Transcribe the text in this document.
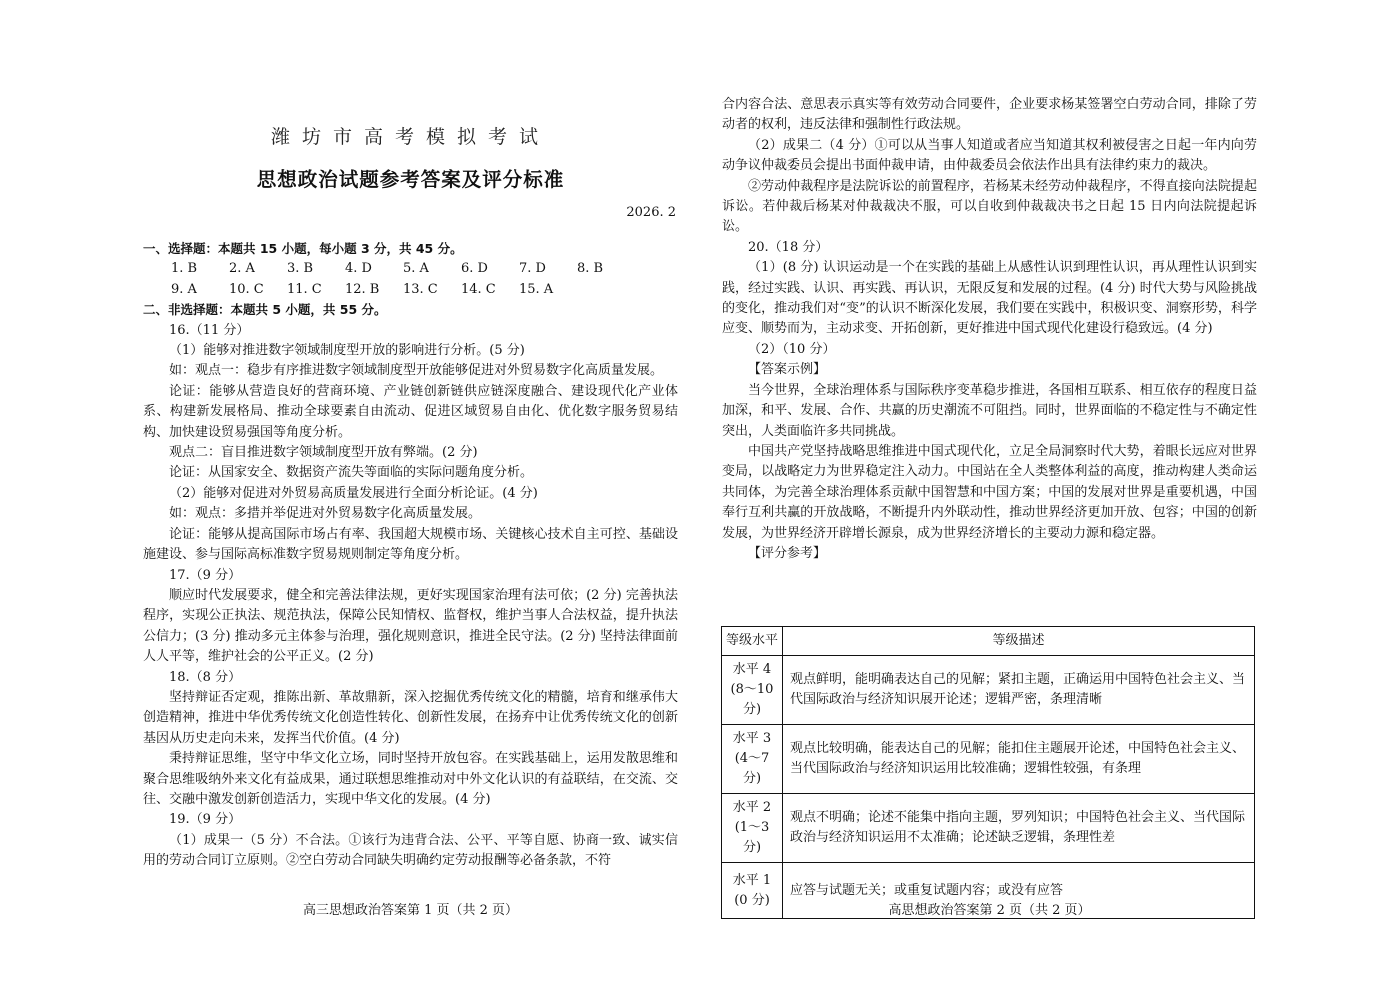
潍坊市高考模拟考试
思想政治试题参考答案及评分标准
2026. 2

一、选择题：本题共 15 小题，每小题 3 分，共 45 分。

1. B 2. A 3. B 4. D 5. A 6. D 7. D 8. B

9. A 10. C 11. C 12. B 13. C 14. C 15. A

二、非选择题：本题共 5 小题，共 55 分。

16.（11 分）

（1）能够对推进数字领域制度型开放的影响进行分析。(5 分)

如：观点一：稳步有序推进数字领域制度型开放能够促进对外贸易数字化高质量发展。

论证：能够从营造良好的营商环境、产业链创新链供应链深度融合、建设现代化产业体系、构建新发展格局、推动全球要素自由流动、促进区域贸易自由化、优化数字服务贸易结构、加快建设贸易强国等角度分析。

观点二：盲目推进数字领域制度型开放有弊端。(2 分)

论证：从国家安全、数据资产流失等面临的实际问题角度分析。

（2）能够对促进对外贸易高质量发展进行全面分析论证。(4 分)

如：观点：多措并举促进对外贸易数字化高质量发展。

论证：能够从提高国际市场占有率、我国超大规模市场、关键核心技术自主可控、基础设施建设、参与国际高标准数字贸易规则制定等角度分析。

17.（9 分）

顺应时代发展要求，健全和完善法律法规，更好实现国家治理有法可依；(2 分) 完善执法程序，实现公正执法、规范执法，保障公民知情权、监督权，维护当事人合法权益，提升执法公信力；(3 分) 推动多元主体参与治理，强化规则意识，推进全民守法。(2 分) 坚持法律面前人人平等，维护社会的公平正义。(2 分)

18.（8 分）

坚持辩证否定观，推陈出新、革故鼎新，深入挖掘优秀传统文化的精髓，培育和继承伟大创造精神，推进中华优秀传统文化创造性转化、创新性发展，在扬弃中让优秀传统文化的创新基因从历史走向未来，发挥当代价值。(4 分)

秉持辩证思维，坚守中华文化立场，同时坚持开放包容。在实践基础上，运用发散思维和聚合思维吸纳外来文化有益成果，通过联想思维推动对中外文化认识的有益联结，在交流、交往、交融中激发创新创造活力，实现中华文化的发展。(4 分)

19.（9 分）

（1）成果一（5 分）不合法。①该行为违背合法、公平、平等自愿、协商一致、诚实信用的劳动合同订立原则。②空白劳动合同缺失明确约定劳动报酬等必备条款，不符

合内容合法、意思表示真实等有效劳动合同要件，企业要求杨某签署空白劳动合同，排除了劳动者的权利，违反法律和强制性行政法规。

（2）成果二（4 分）①可以从当事人知道或者应当知道其权利被侵害之日起一年内向劳动争议仲裁委员会提出书面仲裁申请，由仲裁委员会依法作出具有法律约束力的裁决。

②劳动仲裁程序是法院诉讼的前置程序，若杨某未经劳动仲裁程序，不得直接向法院提起诉讼。若仲裁后杨某对仲裁裁决不服，可以自收到仲裁裁决书之日起 15 日内向法院提起诉讼。

20.（18 分）

（1）(8 分) 认识运动是一个在实践的基础上从感性认识到理性认识，再从理性认识到实践，经过实践、认识、再实践、再认识，无限反复和发展的过程。(4 分) 时代大势与风险挑战的变化，推动我们对“变”的认识不断深化发展，我们要在实践中，积极识变、洞察形势，科学应变、顺势而为，主动求变、开拓创新，更好推进中国式现代化建设行稳致远。(4 分)

（2）（10 分）

【答案示例】

当今世界，全球治理体系与国际秩序变革稳步推进，各国相互联系、相互依存的程度日益加深，和平、发展、合作、共赢的历史潮流不可阻挡。同时，世界面临的不稳定性与不确定性突出，人类面临许多共同挑战。

中国共产党坚持战略思维推进中国式现代化，立足全局洞察时代大势，着眼长远应对世界变局，以战略定力为世界稳定注入动力。中国站在全人类整体利益的高度，推动构建人类命运共同体，为完善全球治理体系贡献中国智慧和中国方案；中国的发展对世界是重要机遇，中国奉行互利共赢的开放战略，不断提升内外联动性，推动世界经济更加开放、包容；中国的创新发展，为世界经济开辟增长源泉，成为世界经济增长的主要动力源和稳定器。

【评分参考】

等级水平	等级描述

水平 4
(8～10 分)	观点鲜明，能明确表达自己的见解；紧扣主题，正确运用中国特色社会主义、当代国际政治与经济知识展开论述；逻辑严密，条理清晰

水平 3
(4～7 分)	观点比较明确，能表达自己的见解；能扣住主题展开论述，中国特色社会主义、当代国际政治与经济知识运用比较准确；逻辑性较强，有条理

水平 2
(1～3 分)	观点不明确；论述不能集中指向主题，罗列知识；中国特色社会主义、当代国际政治与经济知识运用不太准确；论述缺乏逻辑，条理性差

水平 1
(0 分)	应答与试题无关；或重复试题内容；或没有应答
高三思想政治答案第 1 页（共 2 页）	高思想政治答案第 2 页（共 2 页）
